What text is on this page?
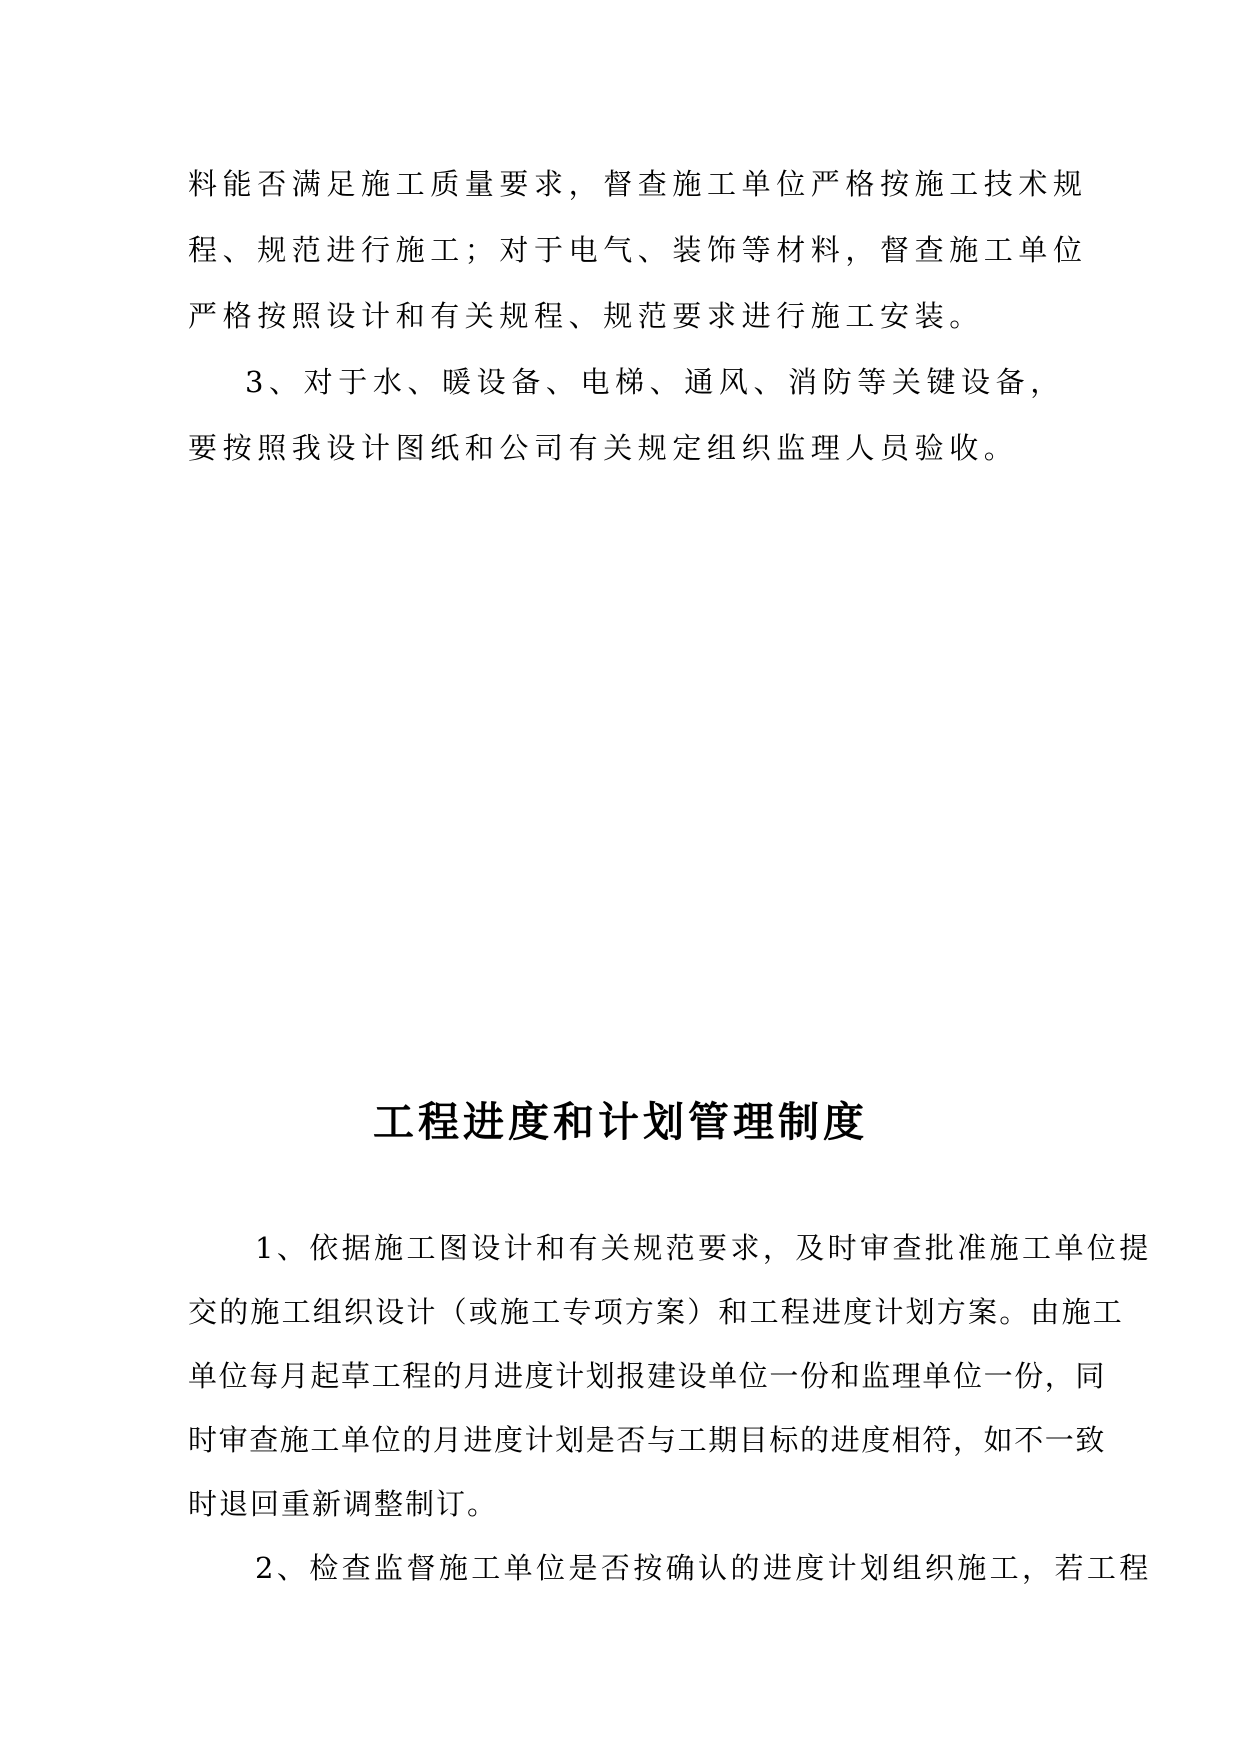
料能否满足施工质量要求，督查施工单位严格按施工技术规
程、规范进行施工；对于电气、装饰等材料，督查施工单位
严格按照设计和有关规程、规范要求进行施工安装。
3、对于水、暖设备、电梯、通风、消防等关键设备，
要按照我设计图纸和公司有关规定组织监理人员验收。
工程进度和计划管理制度
1、依据施工图设计和有关规范要求，及时审查批准施工单位提
交的施工组织设计（或施工专项方案）和工程进度计划方案。由施工
单位每月起草工程的月进度计划报建设单位一份和监理单位一份，同
时审查施工单位的月进度计划是否与工期目标的进度相符，如不一致
时退回重新调整制订。
2、检查监督施工单位是否按确认的进度计划组织施工，若工程
